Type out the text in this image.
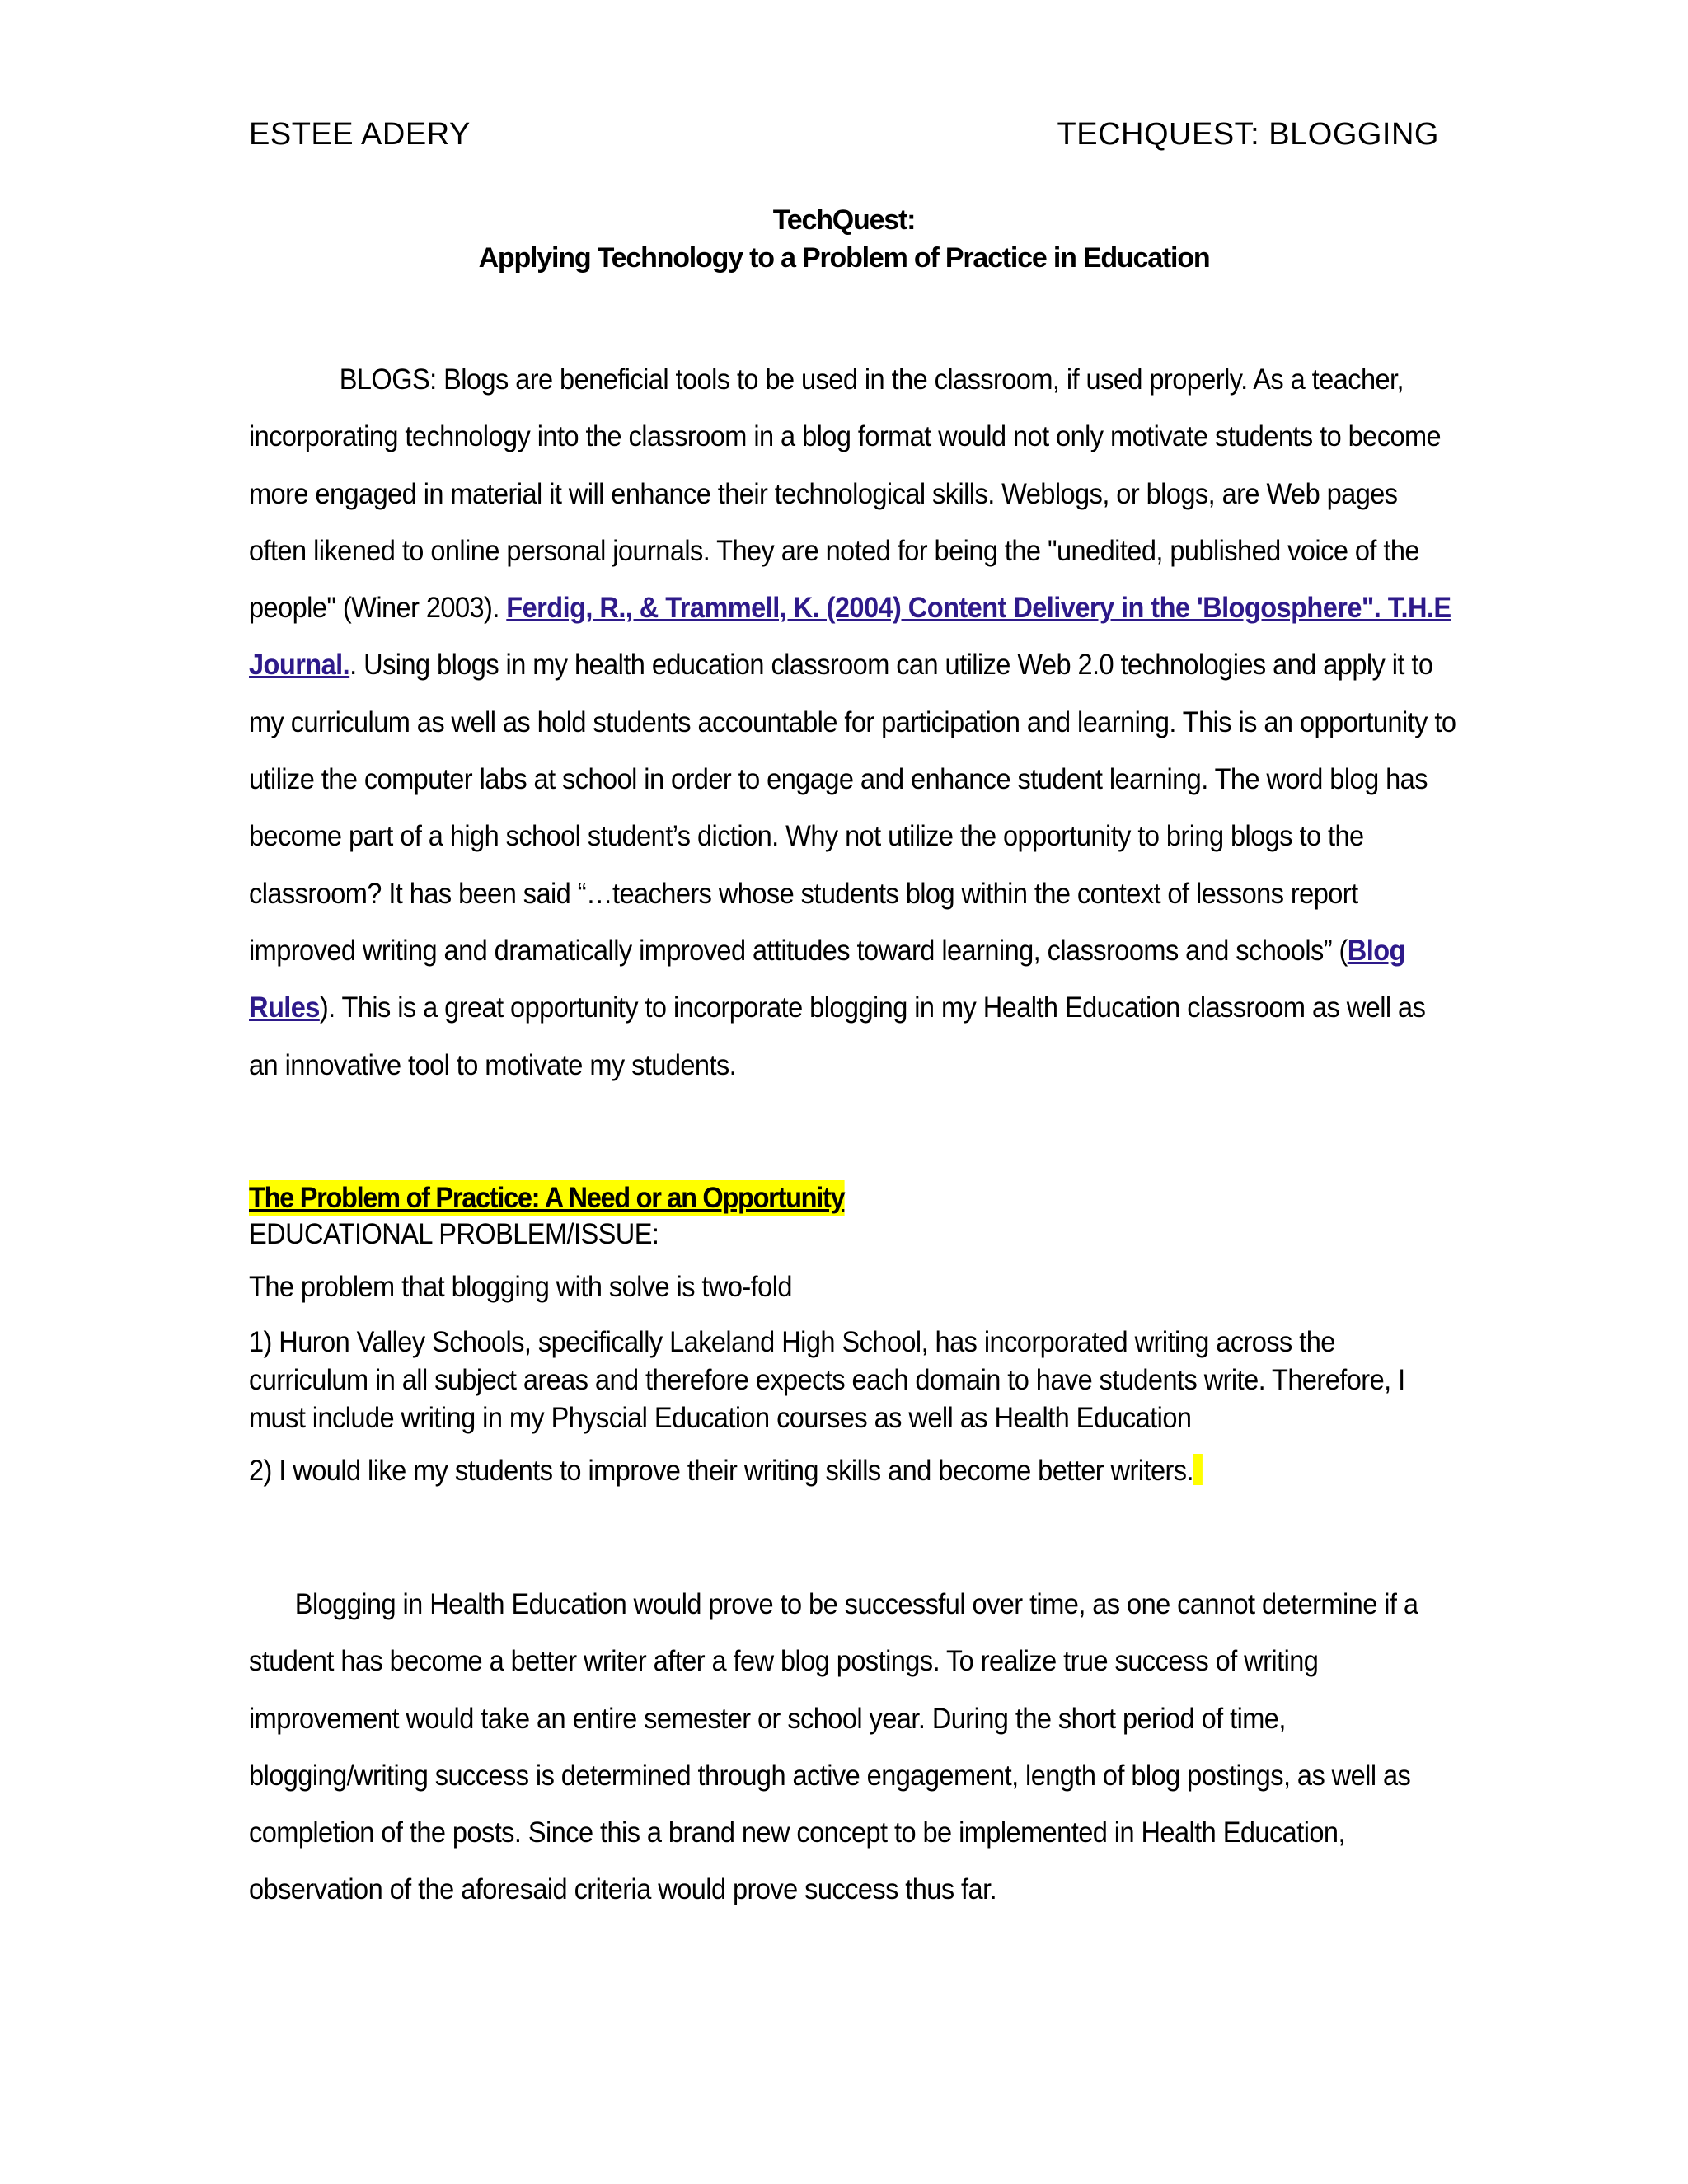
ESTEE ADERY	TECHQUEST: BLOGGING
TechQuest:
Applying Technology to a Problem of Practice in Education
BLOGS: Blogs are beneficial tools to be used in the classroom, if used properly. As a teacher, incorporating technology into the classroom in a blog format would not only motivate students to become more engaged in material it will enhance their technological skills. Weblogs, or blogs, are Web pages often likened to online personal journals. They are noted for being the "unedited, published voice of the people" (Winer 2003). Ferdig, R., & Trammell, K. (2004) Content Delivery in the 'Blogosphere". T.H.E Journal.. Using blogs in my health education classroom can utilize Web 2.0 technologies and apply it to my curriculum as well as hold students accountable for participation and learning. This is an opportunity to utilize the computer labs at school in order to engage and enhance student learning. The word blog has become part of a high school student’s diction. Why not utilize the opportunity to bring blogs to the classroom? It has been said “…teachers whose students blog within the context of lessons report improved writing and dramatically improved attitudes toward learning, classrooms and schools” (Blog Rules). This is a great opportunity to incorporate blogging in my Health Education classroom as well as an innovative tool to motivate my students.
The Problem of Practice: A Need or an Opportunity
EDUCATIONAL PROBLEM/ISSUE:
The problem that blogging with solve is two-fold
1) Huron Valley Schools, specifically Lakeland High School, has incorporated writing across the curriculum in all subject areas and therefore expects each domain to have students write. Therefore, I must include writing in my Physcial Education courses as well as Health Education
2) I would like my students to improve their writing skills and become better writers.
Blogging in Health Education would prove to be successful over time, as one cannot determine if a student has become a better writer after a few blog postings. To realize true success of writing improvement would take an entire semester or school year. During the short period of time, blogging/writing success is determined through active engagement, length of blog postings, as well as completion of the posts. Since this a brand new concept to be implemented in Health Education, observation of the aforesaid criteria would prove success thus far.
